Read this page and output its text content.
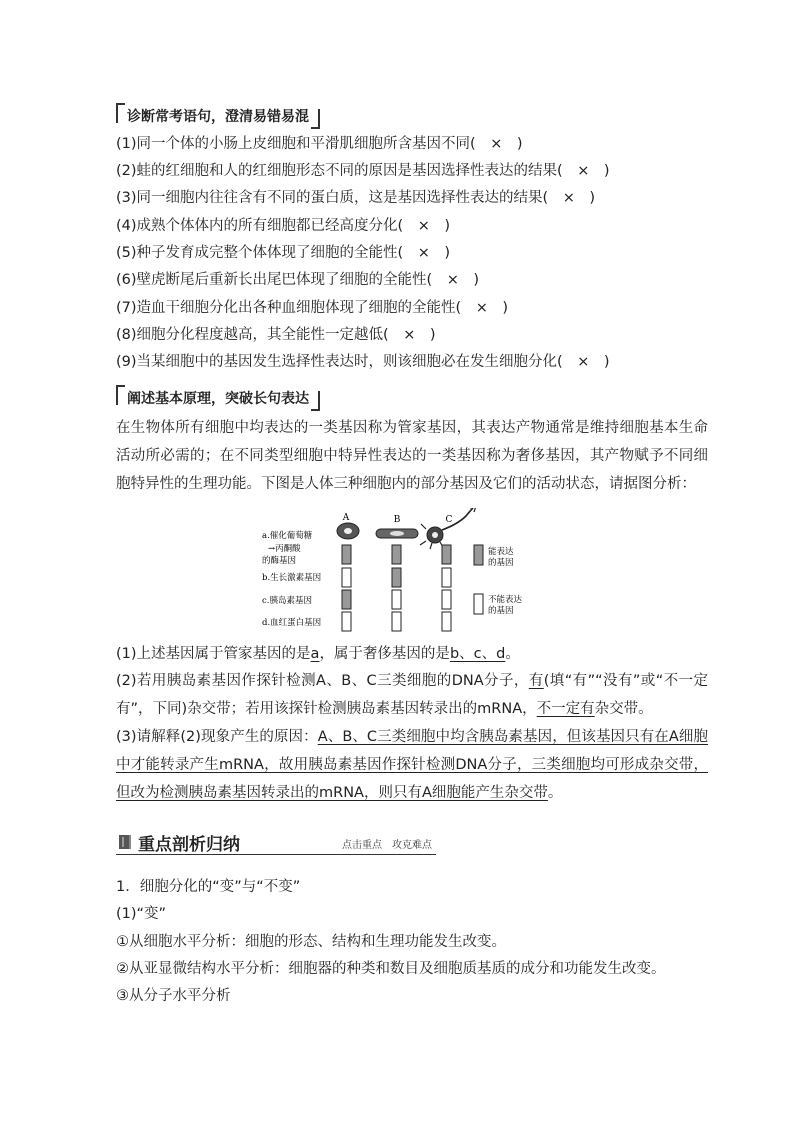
诊断常考语句，澄清易错易混
(1)同一个体的小肠上皮细胞和平滑肌细胞所含基因不同(　×　)
(2)蛙的红细胞和人的红细胞形态不同的原因是基因选择性表达的结果(　×　)
(3)同一细胞内往往含有不同的蛋白质，这是基因选择性表达的结果(　×　)
(4)成熟个体体内的所有细胞都已经高度分化(　×　)
(5)种子发育成完整个体体现了细胞的全能性(　×　)
(6)壁虎断尾后重新长出尾巴体现了细胞的全能性(　×　)
(7)造血干细胞分化出各种血细胞体现了细胞的全能性(　×　)
(8)细胞分化程度越高，其全能性一定越低(　×　)
(9)当某细胞中的基因发生选择性表达时，则该细胞必在发生细胞分化(　×　)
阐述基本原理，突破长句表达
在生物体所有细胞中均表达的一类基因称为管家基因，其表达产物通常是维持细胞基本生命活动所必需的；在不同类型细胞中特异性表达的一类基因称为奢侈基因，其产物赋予不同细胞特异性的生理功能。下图是人体三种细胞内的部分基因及它们的活动状态，请据图分析：
A	B	C
a.催化葡萄糖
→丙酮酸
的酶基因
b.生长激素基因
c.胰岛素基因
d.血红蛋白基因
能表达
的基因
不能表达
的基因
(1)上述基因属于管家基因的是a，属于奢侈基因的是b、c、d。
(2)若用胰岛素基因作探针检测A、B、C三类细胞的DNA分子，有(填“有”“没有”或“不一定有”，下同)杂交带；若用该探针检测胰岛素基因转录出的mRNA，不一定有杂交带。
(3)请解释(2)现象产生的原因：A、B、C三类细胞中均含胰岛素基因，但该基因只有在A细胞中才能转录产生mRNA，故用胰岛素基因作探针检测DNA分子，三类细胞均可形成杂交带，但改为检测胰岛素基因转录出的mRNA，则只有A细胞能产生杂交带。
重点剖析归纳	点击重点　攻克难点
1．细胞分化的“变”与“不变”
(1)“变”
①从细胞水平分析：细胞的形态、结构和生理功能发生改变。
②从亚显微结构水平分析：细胞器的种类和数目及细胞质基质的成分和功能发生改变。
③从分子水平分析
